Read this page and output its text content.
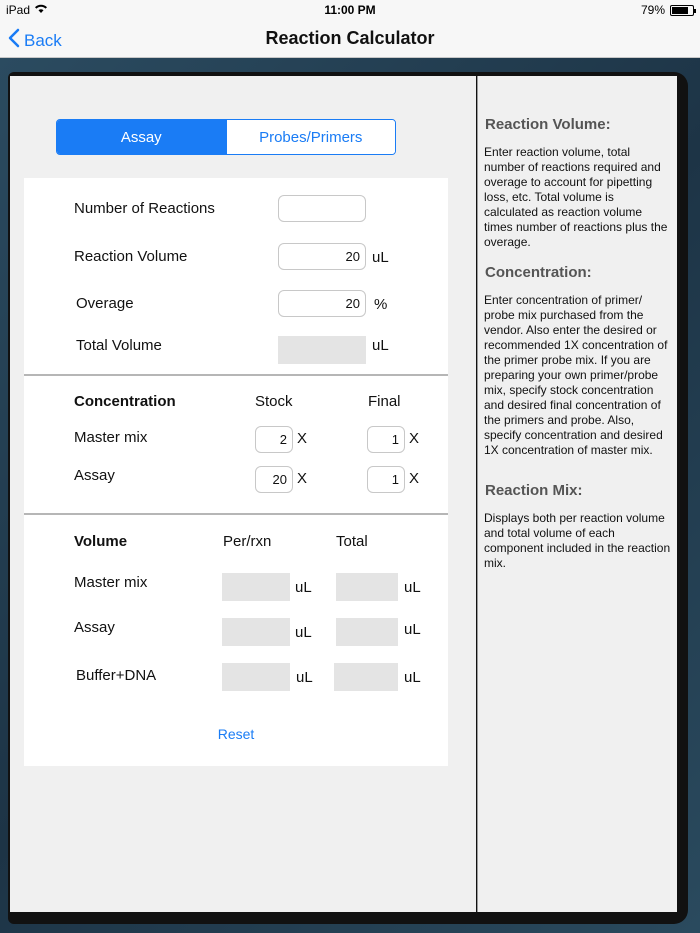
iPad	11:00 PM	79%
Back	Reaction Calculator
Assay	Probes/Primers
Number of Reactions
Reaction Volume	20 uL
Overage	20 %
Total Volume	uL
Concentration	Stock	Final
Master mix	2 X	1 X
Assay	20 X	1 X
Volume	Per/rxn	Total
Master mix	uL	uL
Assay	uL	uL
Buffer+DNA	uL	uL
Reset
Reaction Volume:

Enter reaction volume, total number of reactions required and overage to account for pipetting loss, etc. Total volume is calculated as reaction volume times number of reactions plus the overage.

Concentration:

Enter concentration of primer/ probe mix purchased from the vendor. Also enter the desired or recommended 1X concentration of the primer probe mix. If you are preparing your own primer/probe mix, specify stock concentration and desired final concentration of the primers and probe. Also, specify concentration and desired 1X concentration of master mix.

Reaction Mix:

Displays both per reaction volume and total volume of each component included in the reaction mix.
